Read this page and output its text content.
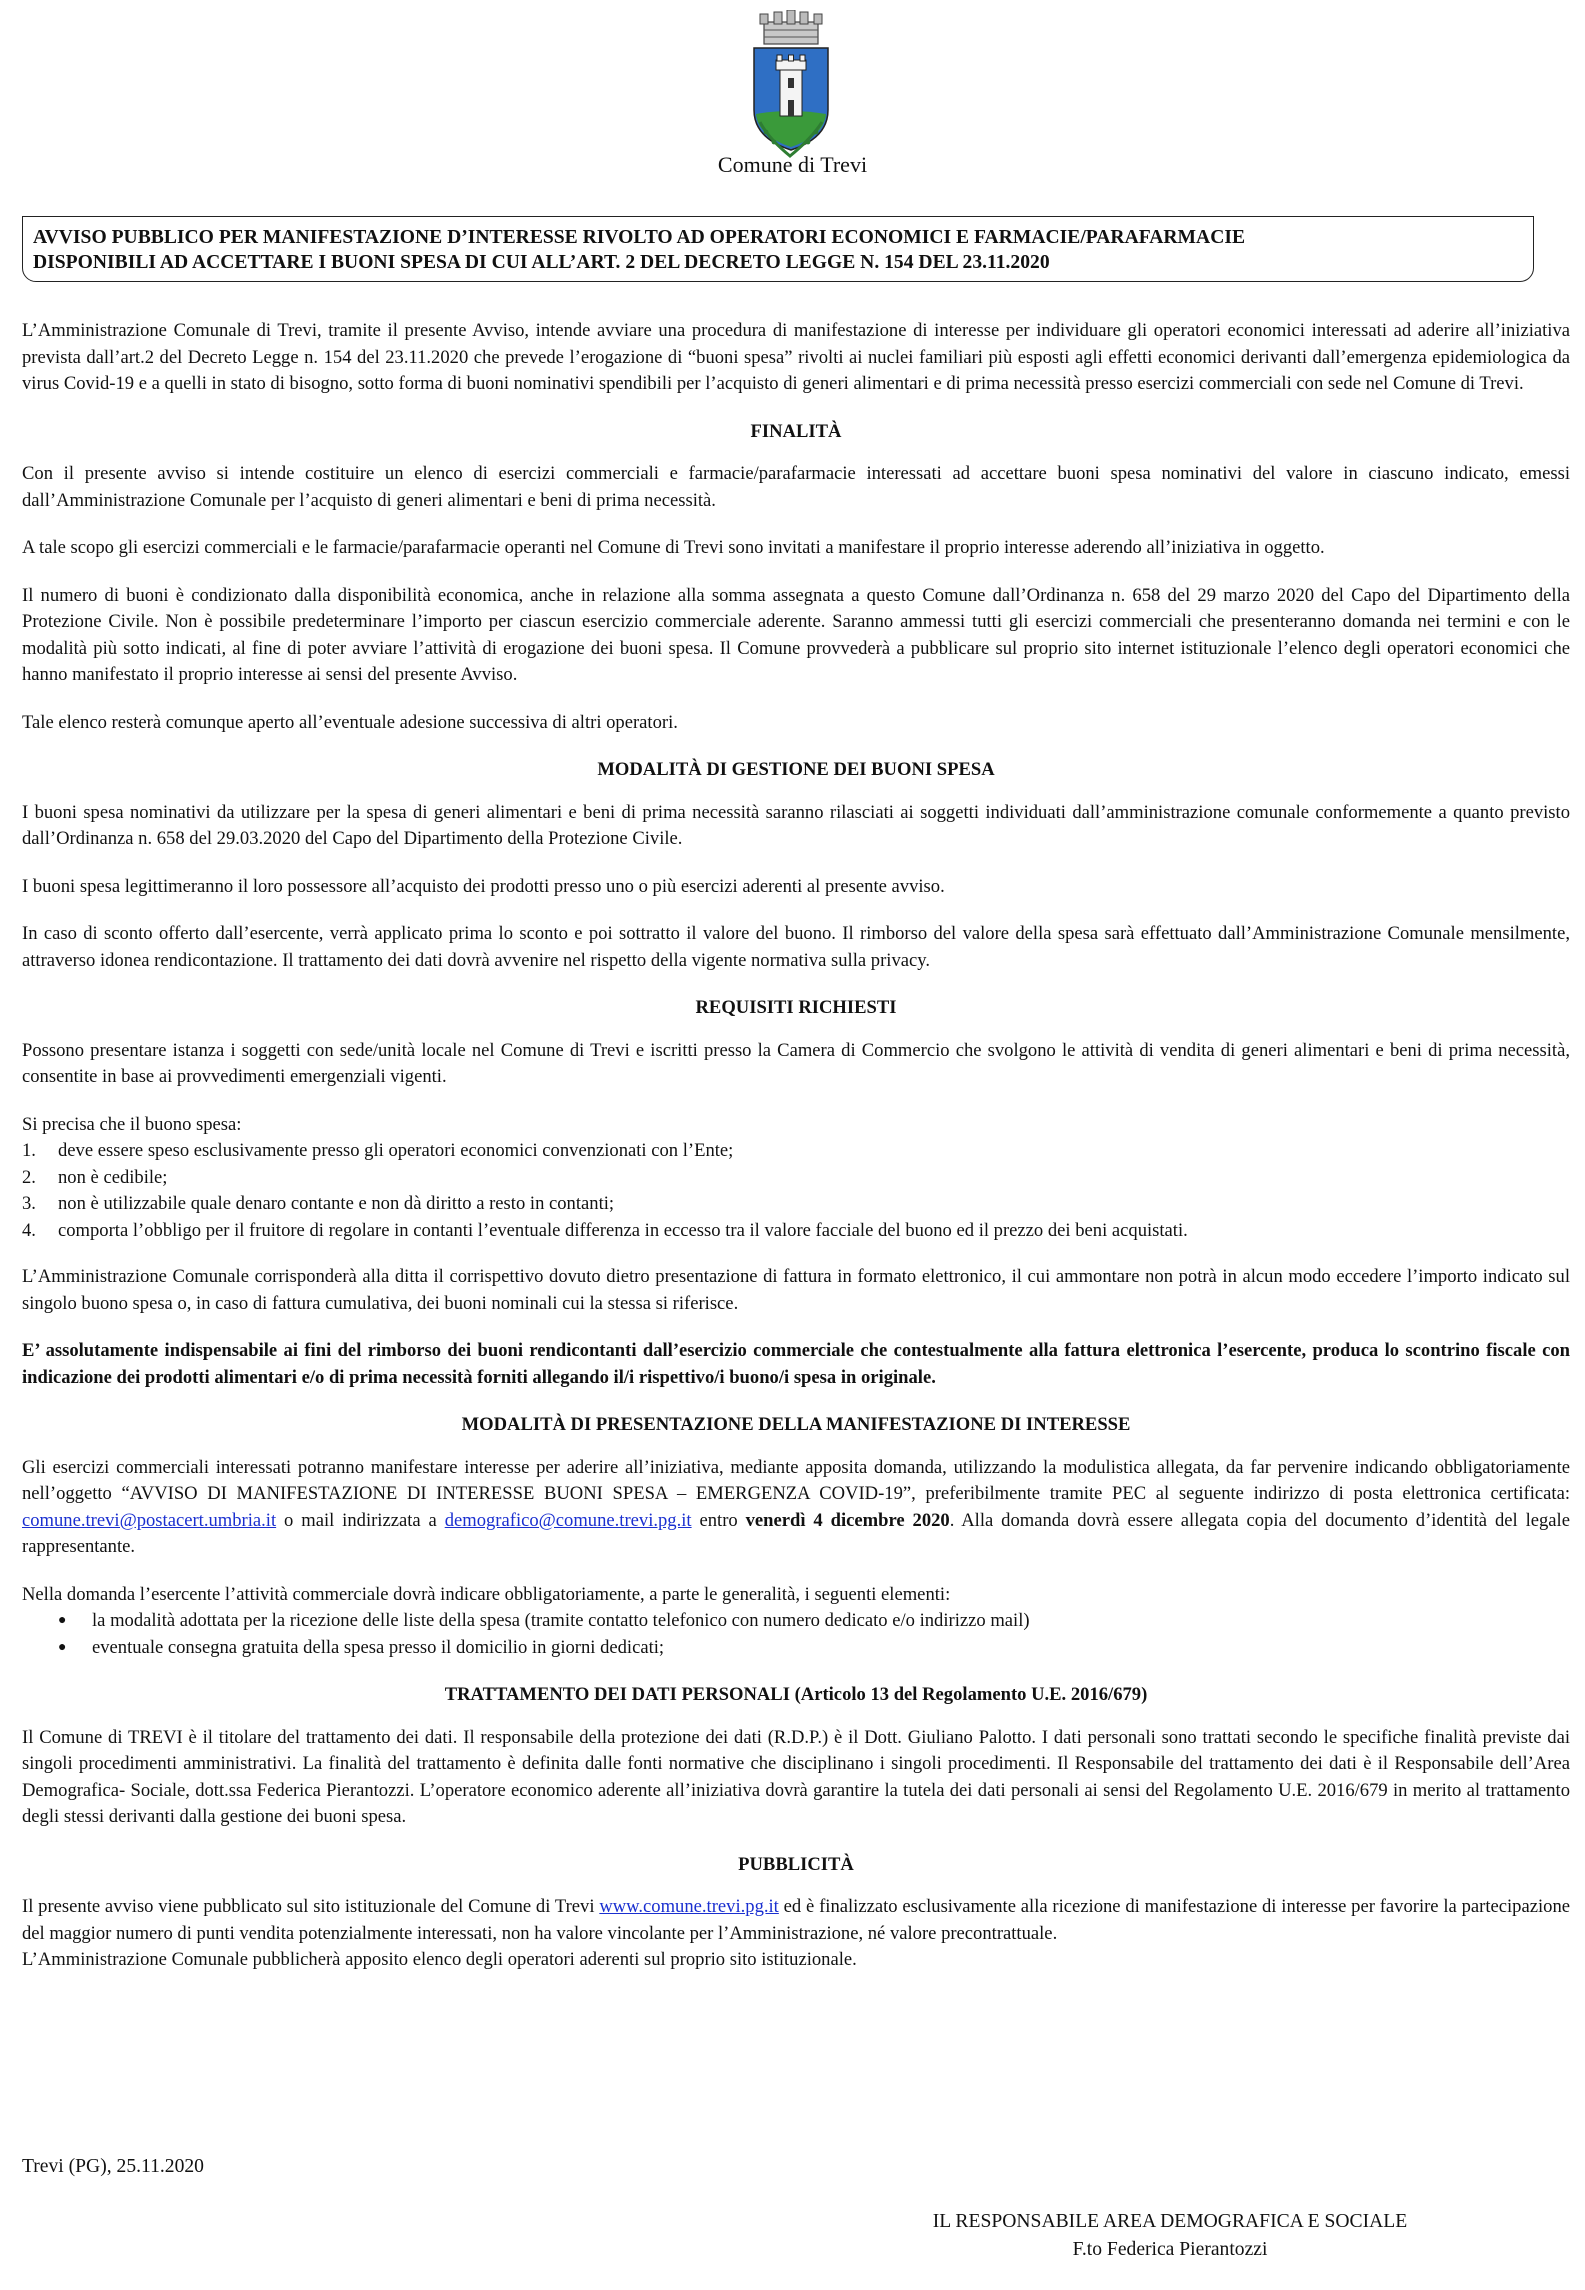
Comune di Trevi
AVVISO PUBBLICO PER MANIFESTAZIONE D’INTERESSE RIVOLTO AD OPERATORI ECONOMICI E FARMACIE/PARAFARMACIE
DISPONIBILI AD ACCETTARE I BUONI SPESA DI CUI ALL’ART. 2 DEL DECRETO LEGGE N. 154 DEL 23.11.2020

L’Amministrazione Comunale di Trevi, tramite il presente Avviso, intende avviare una procedura di manifestazione di interesse per individuare gli operatori economici interessati ad aderire all’iniziativa prevista dall’art.2 del Decreto Legge n. 154 del 23.11.2020 che prevede l’erogazione di “buoni spesa” rivolti ai nuclei familiari più esposti agli effetti economici derivanti dall’emergenza epidemiologica da virus Covid-19 e a quelli in stato di bisogno, sotto forma di buoni nominativi spendibili per l’acquisto di generi alimentari e di prima necessità presso esercizi commerciali con sede nel Comune di Trevi.

FINALITÀ

Con il presente avviso si intende costituire un elenco di esercizi commerciali e farmacie/parafarmacie interessati ad accettare buoni spesa nominativi del valore in ciascuno indicato, emessi dall’Amministrazione Comunale per l’acquisto di generi alimentari e beni di prima necessità.

A tale scopo gli esercizi commerciali e le farmacie/parafarmacie operanti nel Comune di Trevi sono invitati a manifestare il proprio interesse aderendo all’iniziativa in oggetto.

Il numero di buoni è condizionato dalla disponibilità economica, anche in relazione alla somma assegnata a questo Comune dall’Ordinanza n. 658 del 29 marzo 2020 del Capo del Dipartimento della Protezione Civile. Non è possibile predeterminare l’importo per ciascun esercizio commerciale aderente. Saranno ammessi tutti gli esercizi commerciali che presenteranno domanda nei termini e con le modalità più sotto indicati, al fine di poter avviare l’attività di erogazione dei buoni spesa. Il Comune provvederà a pubblicare sul proprio sito internet istituzionale l’elenco degli operatori economici che hanno manifestato il proprio interesse ai sensi del presente Avviso.

Tale elenco resterà comunque aperto all’eventuale adesione successiva di altri operatori.

MODALITÀ DI GESTIONE DEI BUONI SPESA

I buoni spesa nominativi da utilizzare per la spesa di generi alimentari e beni di prima necessità saranno rilasciati ai soggetti individuati dall’amministrazione comunale conformemente a quanto previsto dall’Ordinanza n. 658 del 29.03.2020 del Capo del Dipartimento della Protezione Civile.

I buoni spesa legittimeranno il loro possessore all’acquisto dei prodotti presso uno o più esercizi aderenti al presente avviso.

In caso di sconto offerto dall’esercente, verrà applicato prima lo sconto e poi sottratto il valore del buono. Il rimborso del valore della spesa sarà effettuato dall’Amministrazione Comunale mensilmente, attraverso idonea rendicontazione. Il trattamento dei dati dovrà avvenire nel rispetto della vigente normativa sulla privacy.

REQUISITI RICHIESTI

Possono presentare istanza i soggetti con sede/unità locale nel Comune di Trevi e iscritti presso la Camera di Commercio che svolgono le attività di vendita di generi alimentari e beni di prima necessità, consentite in base ai provvedimenti emergenziali vigenti.

Si precisa che il buono spesa:

1. deve essere speso esclusivamente presso gli operatori economici convenzionati con l’Ente;
2. non è cedibile;
3. non è utilizzabile quale denaro contante e non dà diritto a resto in contanti;
4. comporta l’obbligo per il fruitore di regolare in contanti l’eventuale differenza in eccesso tra il valore facciale del buono ed il prezzo dei beni acquistati.

L’Amministrazione Comunale corrisponderà alla ditta il corrispettivo dovuto dietro presentazione di fattura in formato elettronico, il cui ammontare non potrà in alcun modo eccedere l’importo indicato sul singolo buono spesa o, in caso di fattura cumulativa, dei buoni nominali cui la stessa si riferisce.

E’ assolutamente indispensabile ai fini del rimborso dei buoni rendicontanti dall’esercizio commerciale che contestualmente alla fattura elettronica l’esercente, produca lo scontrino fiscale con indicazione dei prodotti alimentari e/o di prima necessità forniti allegando il/i rispettivo/i buono/i spesa in originale.

MODALITÀ DI PRESENTAZIONE DELLA MANIFESTAZIONE DI INTERESSE

Gli esercizi commerciali interessati potranno manifestare interesse per aderire all’iniziativa, mediante apposita domanda, utilizzando la modulistica allegata, da far pervenire indicando obbligatoriamente nell’oggetto “AVVISO DI MANIFESTAZIONE DI INTERESSE BUONI SPESA – EMERGENZA COVID-19”, preferibilmente tramite PEC al seguente indirizzo di posta elettronica certificata: comune.trevi@postacert.umbria.it o mail indirizzata a demografico@comune.trevi.pg.it entro venerdì 4 dicembre 2020. Alla domanda dovrà essere allegata copia del documento d’identità del legale rappresentante.

Nella domanda l’esercente l’attività commerciale dovrà indicare obbligatoriamente, a parte le generalità, i seguenti elementi:

● la modalità adottata per la ricezione delle liste della spesa (tramite contatto telefonico con numero dedicato e/o indirizzo mail)
● eventuale consegna gratuita della spesa presso il domicilio in giorni dedicati;
TRATTAMENTO DEI DATI PERSONALI (Articolo 13 del Regolamento U.E. 2016/679)

Il Comune di TREVI è il titolare del trattamento dei dati. Il responsabile della protezione dei dati (R.D.P.) è il Dott. Giuliano Palotto. I dati personali sono trattati secondo le specifiche finalità previste dai singoli procedimenti amministrativi. La finalità del trattamento è definita dalle fonti normative che disciplinano i singoli procedimenti. Il Responsabile del trattamento dei dati è il Responsabile dell’Area Demografica- Sociale, dott.ssa Federica Pierantozzi. L’operatore economico aderente all’iniziativa dovrà garantire la tutela dei dati personali ai sensi del Regolamento U.E. 2016/679 in merito al trattamento degli stessi derivanti dalla gestione dei buoni spesa.

PUBBLICITÀ

Il presente avviso viene pubblicato sul sito istituzionale del Comune di Trevi www.comune.trevi.pg.it ed è finalizzato esclusivamente alla ricezione di manifestazione di interesse per favorire la partecipazione del maggior numero di punti vendita potenzialmente interessati, non ha valore vincolante per l’Amministrazione, né valore precontrattuale.

L’Amministrazione Comunale pubblicherà apposito elenco degli operatori aderenti sul proprio sito istituzionale.

Trevi (PG), 25.11.2020
IL RESPONSABILE AREA DEMOGRAFICA E SOCIALE
F.to Federica Pierantozzi
